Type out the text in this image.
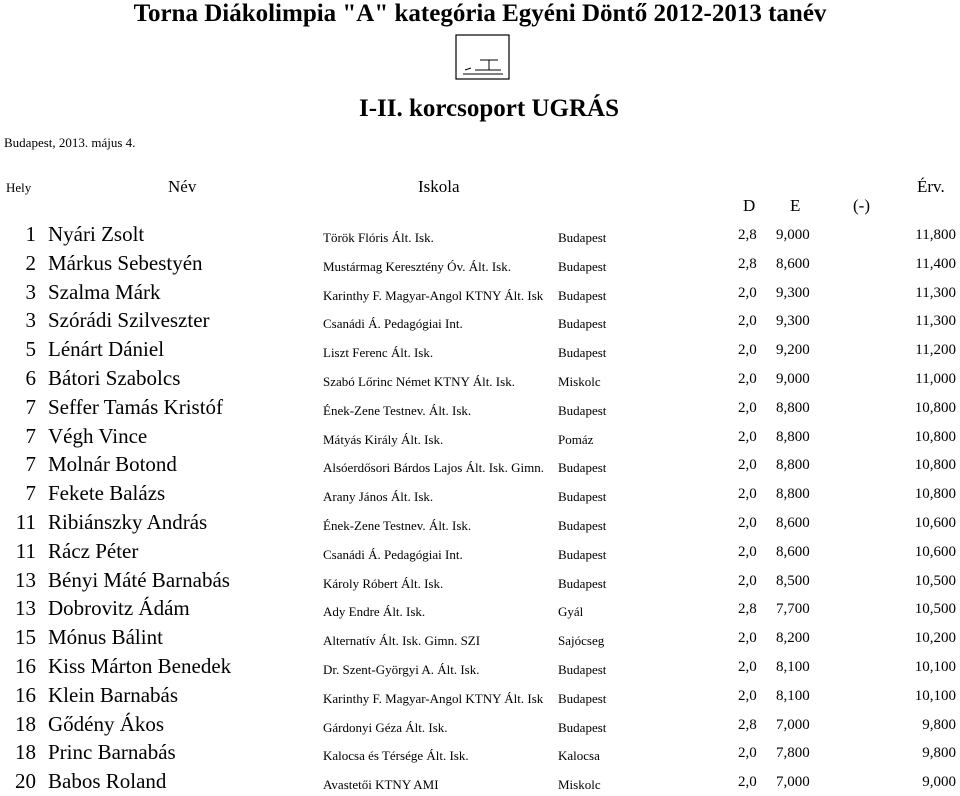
Torna Diákolimpia "A" kategória Egyéni Döntő 2012-2013 tanév
I-II. korcsoport UGRÁS
Budapest, 2013. május 4.
Hely	Név	Iskola	Érv.
D E	(-)
1 Nyári Zsolt	Török Flóris Ált. Isk.	Budapest	2,8 9,000	11,800
2 Márkus Sebestyén	Mustármag Keresztény Óv. Ált. Isk.	Budapest	2,8 8,600	11,400
3 Szalma Márk	Karinthy F. Magyar-Angol KTNY Ált. Isk	Budapest	2,0 9,300	11,300
3 Szórádi Szilveszter	Csanádi Á. Pedagógiai Int.	Budapest	2,0 9,300	11,300
5 Lénárt Dániel	Liszt Ferenc Ált. Isk.	Budapest	2,0 9,200	11,200
6 Bátori Szabolcs	Szabó Lőrinc Német KTNY Ált. Isk.	Miskolc	2,0 9,000	11,000
7 Seffer Tamás Kristóf	Ének-Zene Testnev. Ált. Isk.	Budapest	2,0 8,800	10,800
7 Végh Vince	Mátyás Király Ált. Isk.	Pomáz	2,0 8,800	10,800
7 Molnár Botond	Alsóerdősori Bárdos Lajos Ált. Isk. Gimn.	Budapest	2,0 8,800	10,800
7 Fekete Balázs	Arany János Ált. Isk.	Budapest	2,0 8,800	10,800
11 Ribiánszky András	Ének-Zene Testnev. Ált. Isk.	Budapest	2,0 8,600	10,600
11 Rácz Péter	Csanádi Á. Pedagógiai Int.	Budapest	2,0 8,600	10,600
13 Bényi Máté Barnabás	Károly Róbert Ált. Isk.	Budapest	2,0 8,500	10,500
13 Dobrovitz Ádám	Ady Endre Ált. Isk.	Gyál	2,8 7,700	10,500
15 Mónus Bálint	Alternatív Ált. Isk. Gimn. SZI	Sajócseg	2,0 8,200	10,200
16 Kiss Márton Benedek	Dr. Szent-Györgyi A. Ált. Isk.	Budapest	2,0 8,100	10,100
16 Klein Barnabás	Karinthy F. Magyar-Angol KTNY Ált. Isk	Budapest	2,0 8,100	10,100
18 Gődény Ákos	Gárdonyi Géza Ált. Isk.	Budapest	2,8 7,000	9,800
18 Princ Barnabás	Kalocsa és Térsége Ált. Isk.	Kalocsa	2,0 7,800	9,800
20 Babos Roland	Avastetői KTNY AMI	Miskolc	2,0 7,000	9,000
